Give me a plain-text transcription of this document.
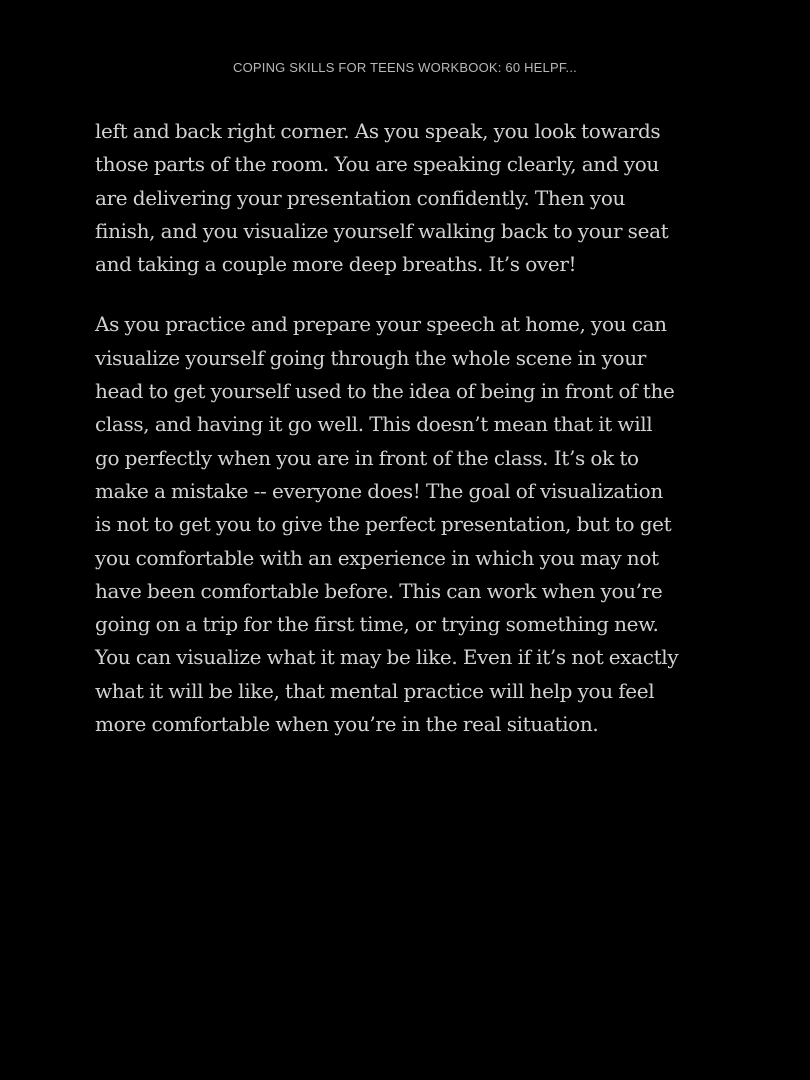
COPING SKILLS FOR TEENS WORKBOOK: 60 HELPF...

left and back right corner. As you speak, you look towards
those parts of the room. You are speaking clearly, and you
are delivering your presentation confidently. Then you
finish, and you visualize yourself walking back to your seat
and taking a couple more deep breaths. It’s over!

As you practice and prepare your speech at home, you can
visualize yourself going through the whole scene in your
head to get yourself used to the idea of being in front of the
class, and having it go well. This doesn’t mean that it will
go perfectly when you are in front of the class. It’s ok to
make a mistake -- everyone does! The goal of visualization
is not to get you to give the perfect presentation, but to get
you comfortable with an experience in which you may not
have been comfortable before. This can work when you’re
going on a trip for the first time, or trying something new.
You can visualize what it may be like. Even if it’s not exactly
what it will be like, that mental practice will help you feel
more comfortable when you’re in the real situation.
